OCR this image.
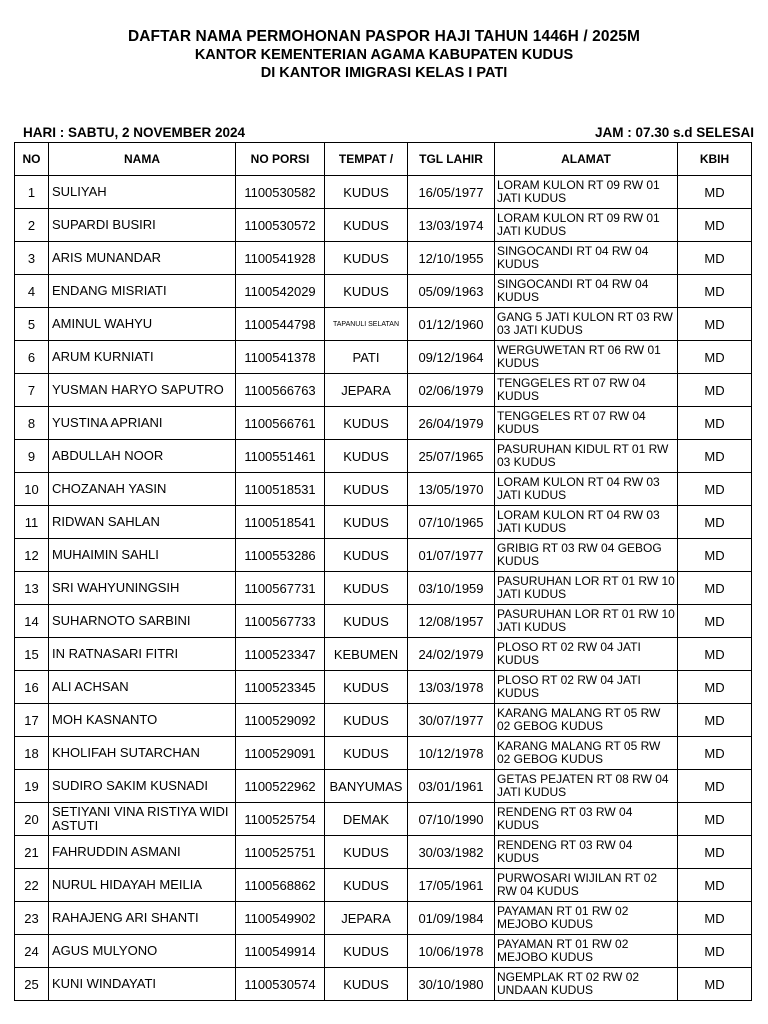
DAFTAR NAMA PERMOHONAN PASPOR HAJI TAHUN 1446H / 2025M
KANTOR KEMENTERIAN AGAMA KABUPATEN KUDUS
DI KANTOR IMIGRASI KELAS I PATI
HARI : SABTU, 2 NOVEMBER 2024	JAM : 07.30 s.d SELESAI
NO	NAMA	NO PORSI	TEMPAT /	TGL LAHIR	ALAMAT	KBIH
1	SULIYAH	1100530582	KUDUS	16/05/1977	LORAM KULON RT 09 RW 01 JATI KUDUS	MD
2	SUPARDI BUSIRI	1100530572	KUDUS	13/03/1974	LORAM KULON RT 09 RW 01 JATI KUDUS	MD
3	ARIS MUNANDAR	1100541928	KUDUS	12/10/1955	SINGOCANDI RT 04 RW 04 KUDUS	MD
4	ENDANG MISRIATI	1100542029	KUDUS	05/09/1963	SINGOCANDI RT 04 RW 04 KUDUS	MD
5	AMINUL WAHYU	1100544798	TAPANULI SELATAN	01/12/1960	GANG 5 JATI KULON RT 03 RW 03 JATI KUDUS	MD
6	ARUM KURNIATI	1100541378	PATI	09/12/1964	WERGUWETAN RT 06 RW 01 KUDUS	MD
7	YUSMAN HARYO SAPUTRO	1100566763	JEPARA	02/06/1979	TENGGELES RT 07 RW 04 KUDUS	MD
8	YUSTINA APRIANI	1100566761	KUDUS	26/04/1979	TENGGELES RT 07 RW 04 KUDUS	MD
9	ABDULLAH NOOR	1100551461	KUDUS	25/07/1965	PASURUHAN KIDUL RT 01 RW 03 KUDUS	MD
10	CHOZANAH YASIN	1100518531	KUDUS	13/05/1970	LORAM KULON RT 04 RW 03 JATI KUDUS	MD
11	RIDWAN SAHLAN	1100518541	KUDUS	07/10/1965	LORAM KULON RT 04 RW 03 JATI KUDUS	MD
12	MUHAIMIN SAHLI	1100553286	KUDUS	01/07/1977	GRIBIG RT 03 RW 04 GEBOG KUDUS	MD
13	SRI WAHYUNINGSIH	1100567731	KUDUS	03/10/1959	PASURUHAN LOR RT 01 RW 10 JATI KUDUS	MD
14	SUHARNOTO SARBINI	1100567733	KUDUS	12/08/1957	PASURUHAN LOR RT 01 RW 10 JATI KUDUS	MD
15	IN RATNASARI FITRI	1100523347	KEBUMEN	24/02/1979	PLOSO RT 02 RW 04 JATI KUDUS	MD
16	ALI ACHSAN	1100523345	KUDUS	13/03/1978	PLOSO RT 02 RW 04 JATI KUDUS	MD
17	MOH KASNANTO	1100529092	KUDUS	30/07/1977	KARANG MALANG RT 05 RW 02 GEBOG KUDUS	MD
18	KHOLIFAH SUTARCHAN	1100529091	KUDUS	10/12/1978	KARANG MALANG RT 05 RW 02 GEBOG KUDUS	MD
19	SUDIRO SAKIM KUSNADI	1100522962	BANYUMAS	03/01/1961	GETAS PEJATEN RT 08 RW 04 JATI KUDUS	MD
20	SETIYANI VINA RISTIYA WIDI ASTUTI	1100525754	DEMAK	07/10/1990	RENDENG RT 03 RW 04 KUDUS	MD
21	FAHRUDDIN ASMANI	1100525751	KUDUS	30/03/1982	RENDENG RT 03 RW 04 KUDUS	MD
22	NURUL HIDAYAH MEILIA	1100568862	KUDUS	17/05/1961	PURWOSARI WIJILAN RT 02 RW 04 KUDUS	MD
23	RAHAJENG ARI SHANTI	1100549902	JEPARA	01/09/1984	PAYAMAN RT 01 RW 02 MEJOBO KUDUS	MD
24	AGUS MULYONO	1100549914	KUDUS	10/06/1978	PAYAMAN RT 01 RW 02 MEJOBO KUDUS	MD
25	KUNI WINDAYATI	1100530574	KUDUS	30/10/1980	NGEMPLAK RT 02 RW 02 UNDAAN KUDUS	MD
